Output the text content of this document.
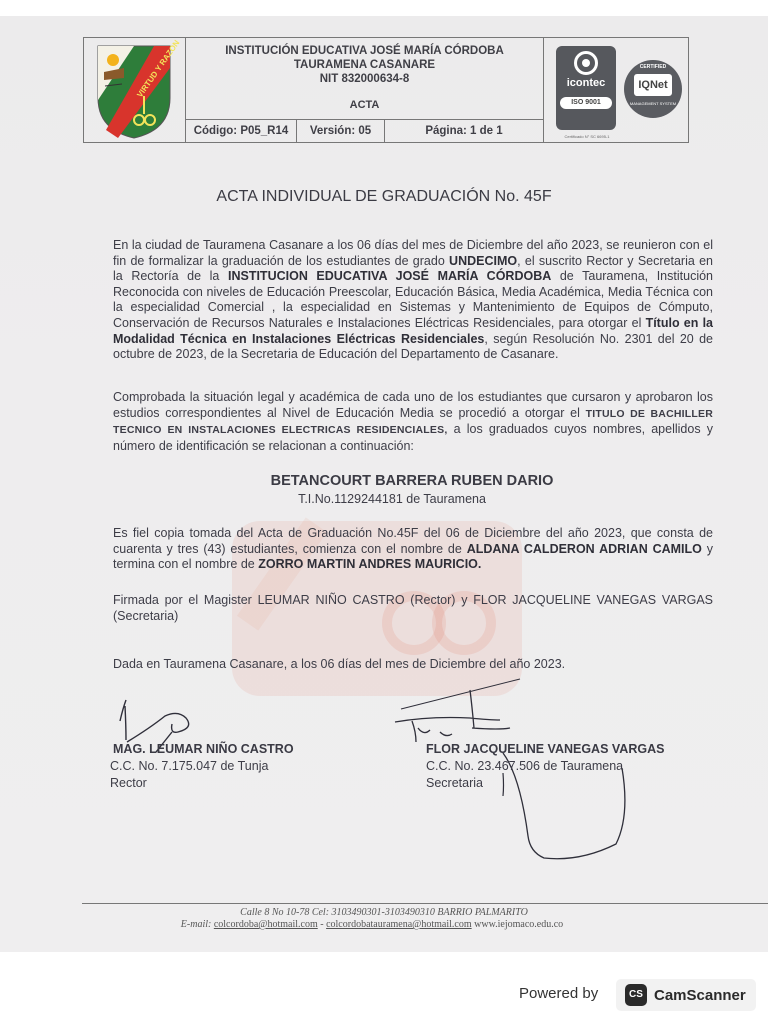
VIRTUD Y RAZON	INSTITUCIÓN EDUCATIVA JOSÉ MARÍA CÓRDOBA
TAURAMENA CASANARE
NIT 832000634-8
ACTA
Código: P05_R14	Versión: 05	Página: 1 de 1
icontec
ISO 9001
Certificado N° SC 6695-1
CERTIFIED
IQNet
MANAGEMENT SYSTEM
ACTA INDIVIDUAL DE GRADUACIÓN No. 45F
En la ciudad de Tauramena Casanare a los 06 días del mes de Diciembre del año 2023, se reunieron con el fin de formalizar la graduación de los estudiantes de grado UNDECIMO, el suscrito Rector y Secretaria en la Rectoría de la INSTITUCION EDUCATIVA JOSÉ MARÍA CÓRDOBA de Tauramena, Institución Reconocida con niveles de Educación Preescolar, Educación Básica, Media Académica, Media Técnica con la especialidad Comercial , la especialidad en Sistemas y Mantenimiento de Equipos de Cómputo, Conservación de Recursos Naturales e Instalaciones Eléctricas Residenciales, para otorgar el Título en la Modalidad Técnica en Instalaciones Eléctricas Residenciales, según Resolución No. 2301 del 20 de octubre de 2023, de la Secretaria de Educación del Departamento de Casanare.
Comprobada la situación legal y académica de cada uno de los estudiantes que cursaron y aprobaron los estudios correspondientes al Nivel de Educación Media se procedió a otorgar el TITULO DE BACHILLER TECNICO EN INSTALACIONES ELECTRICAS RESIDENCIALES, a los graduados cuyos nombres, apellidos y número de identificación se relacionan a continuación:
BETANCOURT BARRERA RUBEN DARIO
T.I.No.1129244181 de Tauramena
Es fiel copia tomada del Acta de Graduación No.45F del 06 de Diciembre del año 2023, que consta de cuarenta y tres (43) estudiantes, comienza con el nombre de ALDANA CALDERON ADRIAN CAMILO y termina con el nombre de ZORRO MARTIN ANDRES MAURICIO.
Firmada por el Magister LEUMAR NIÑO CASTRO (Rector) y FLOR JACQUELINE VANEGAS VARGAS (Secretaria)
Dada en Tauramena Casanare, a los 06 días del mes de Diciembre del año 2023.
MAG. LEUMAR NIÑO CASTRO
C.C. No. 7.175.047 de Tunja
Rector
FLOR JACQUELINE VANEGAS VARGAS
C.C. No. 23.467.506 de Tauramena
Secretaria
Calle 8 No 10-78 Cel: 3103490301-3103490310 BARRIO PALMARITO
E-mail: colcordoba@hotmail.com - colcordobatauramena@hotmail.com www.iejomaco.edu.co
Powered by	CS CamScanner
